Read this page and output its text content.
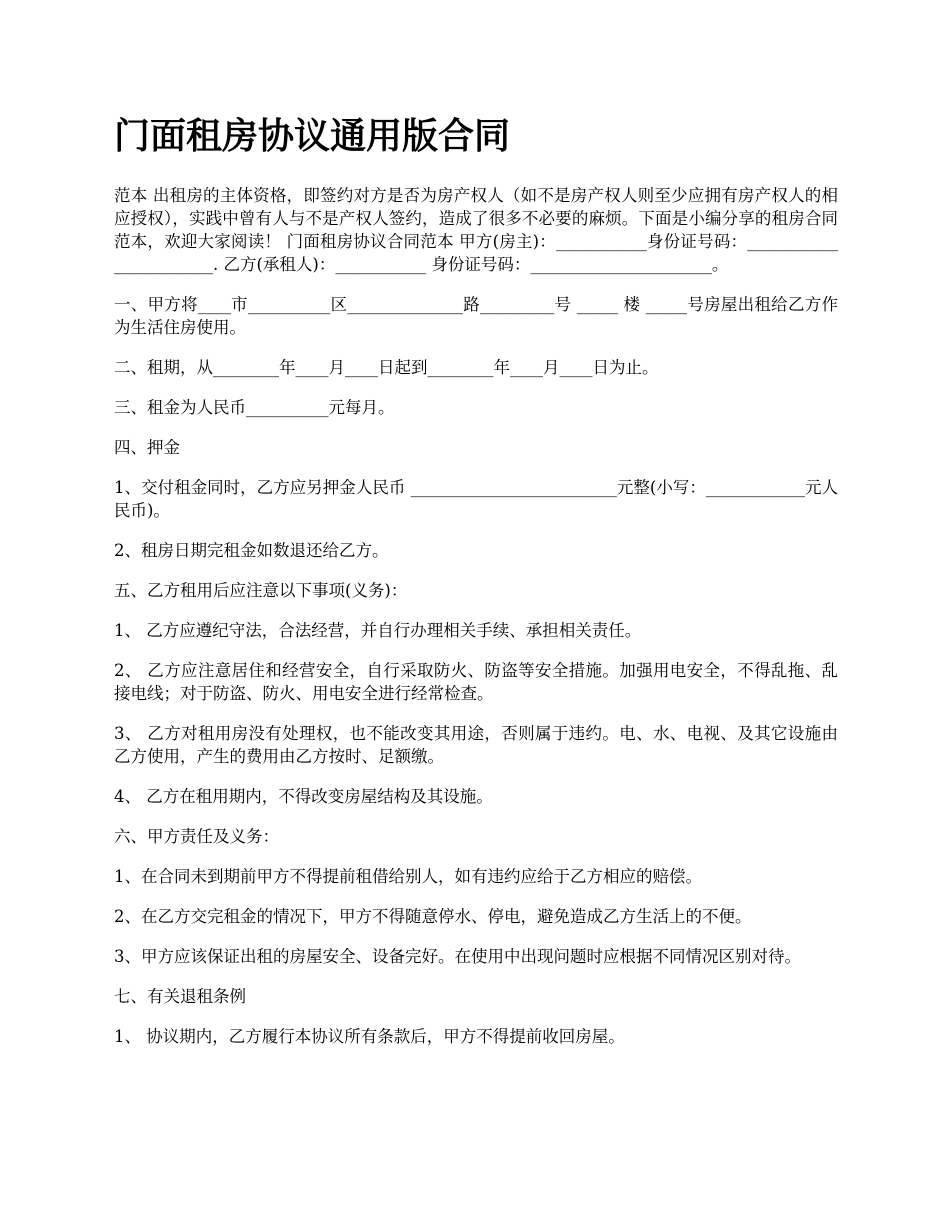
门面租房协议通用版合同

范本 出租房的主体资格，即签约对方是否为房产权人（如不是房产权人则至少应拥有房产权人的相应授权），实践中曾有人与不是产权人签约，造成了很多不必要的麻烦。下面是小编分享的租房合同范本，欢迎大家阅读！ 门面租房协议合同范本 甲方(房主)：___________身份证号码：_______________________. 乙方(承租人)：___________ 身份证号码：______________________。

一、甲方将____市__________区______________路_________号 _____ 楼 _____号房屋出租给乙方作为生活住房使用。

二、租期，从________年____月____日起到________年____月____日为止。

三、租金为人民币__________元每月。

四、押金

1、交付租金同时，乙方应另押金人民币 _________________________元整(小写：____________元人民币)。

2、租房日期完租金如数退还给乙方。

五、乙方租用后应注意以下事项(义务)：

1、 乙方应遵纪守法，合法经营，并自行办理相关手续、承担相关责任。

2、 乙方应注意居住和经营安全，自行采取防火、防盗等安全措施。加强用电安全，不得乱拖、乱接电线；对于防盗、防火、用电安全进行经常检查。

3、 乙方对租用房没有处理权，也不能改变其用途，否则属于违约。电、水、电视、及其它设施由乙方使用，产生的费用由乙方按时、足额缴。

4、 乙方在租用期内，不得改变房屋结构及其设施。

六、甲方责任及义务：

1、在合同未到期前甲方不得提前租借给别人，如有违约应给于乙方相应的赔偿。

2、在乙方交完租金的情况下，甲方不得随意停水、停电，避免造成乙方生活上的不便。

3、甲方应该保证出租的房屋安全、设备完好。在使用中出现问题时应根据不同情况区别对待。

七、有关退租条例

1、 协议期内，乙方履行本协议所有条款后，甲方不得提前收回房屋。
